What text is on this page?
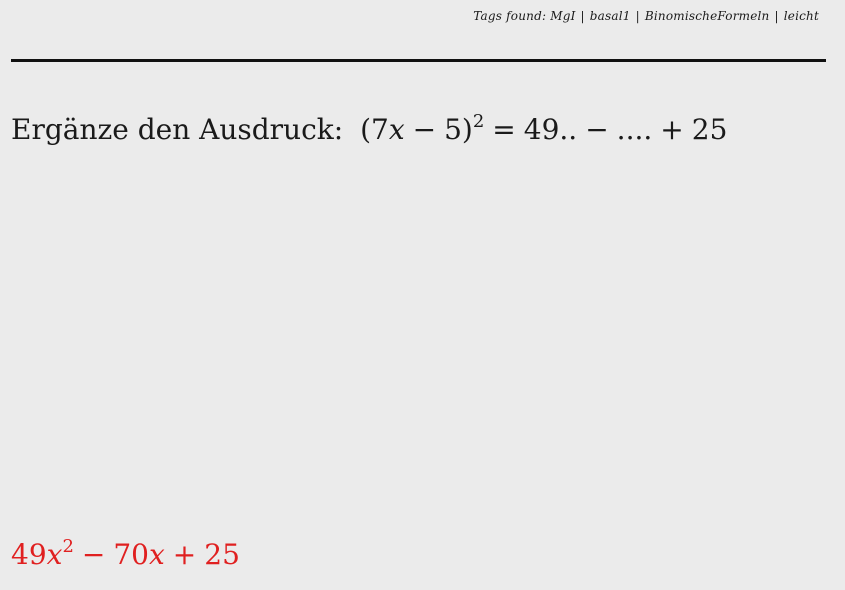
Tags found: MgI | basal1 | BinomischeFormeln | leicht
Ergänze den Ausdruck: $(7x - 5)^2 = 49$.. − .... + 25
$49x^2 - 70x + 25$
